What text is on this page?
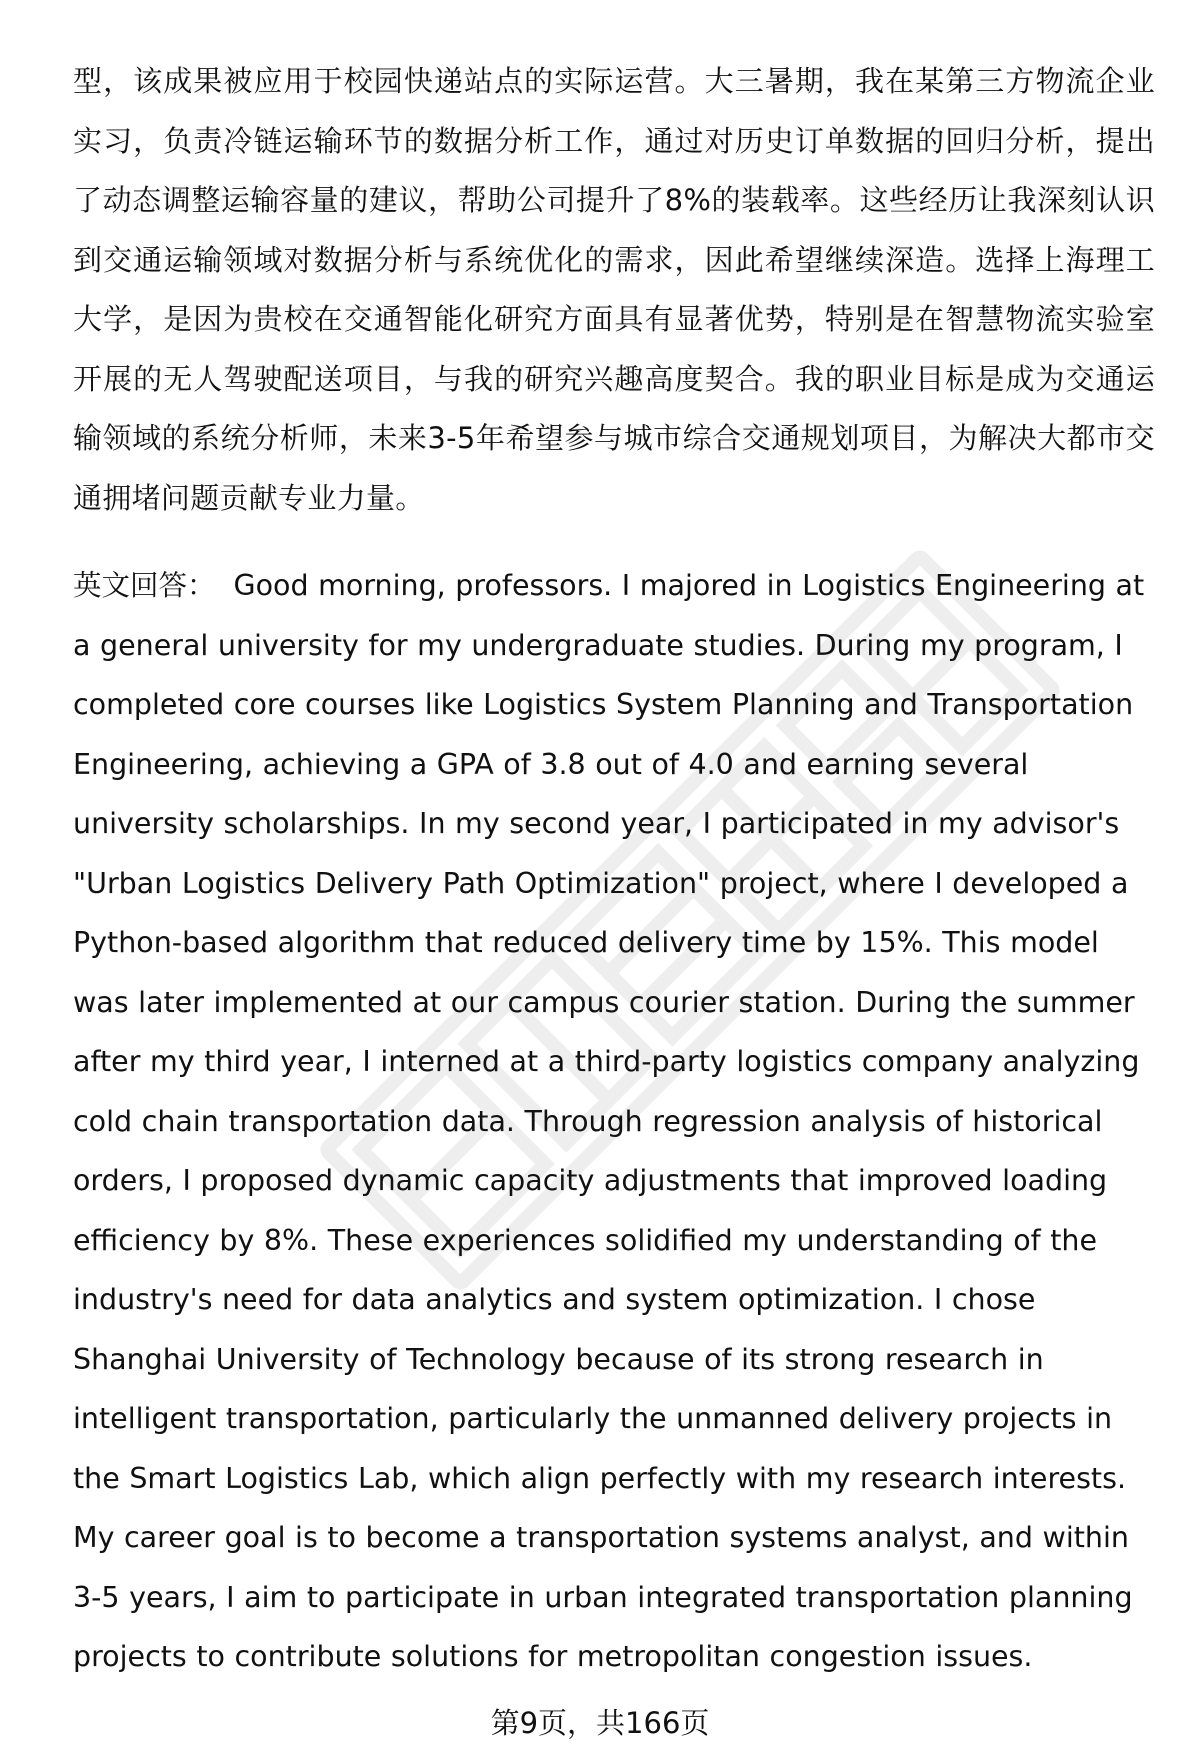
型，该成果被应用于校园快递站点的实际运营。大三暑期，我在某第三方物流企业实习，负责冷链运输环节的数据分析工作，通过对历史订单数据的回归分析，提出了动态调整运输容量的建议，帮助公司提升了8%的装载率。这些经历让我深刻认识到交通运输领域对数据分析与系统优化的需求，因此希望继续深造。选择上海理工大学，是因为贵校在交通智能化研究方面具有显著优势，特别是在智慧物流实验室开展的无人驾驶配送项目，与我的研究兴趣高度契合。我的职业目标是成为交通运输领域的系统分析师，未来3-5年希望参与城市综合交通规划项目，为解决大都市交通拥堵问题贡献专业力量。

英文回答： Good morning, professors. I majored in Logistics Engineering at a general university for my undergraduate studies. During my program, I completed core courses like Logistics System Planning and Transportation Engineering, achieving a GPA of 3.8 out of 4.0 and earning several university scholarships. In my second year, I participated in my advisor's "Urban Logistics Delivery Path Optimization" project, where I developed a Python-based algorithm that reduced delivery time by 15%. This model was later implemented at our campus courier station. During the summer after my third year, I interned at a third-party logistics company analyzing cold chain transportation data. Through regression analysis of historical orders, I proposed dynamic capacity adjustments that improved loading efficiency by 8%. These experiences solidified my understanding of the industry's need for data analytics and system optimization. I chose Shanghai University of Technology because of its strong research in intelligent transportation, particularly the unmanned delivery projects in the Smart Logistics Lab, which align perfectly with my research interests. My career goal is to become a transportation systems analyst, and within 3-5 years, I aim to participate in urban integrated transportation planning projects to contribute solutions for metropolitan congestion issues.

第9页，共166页
